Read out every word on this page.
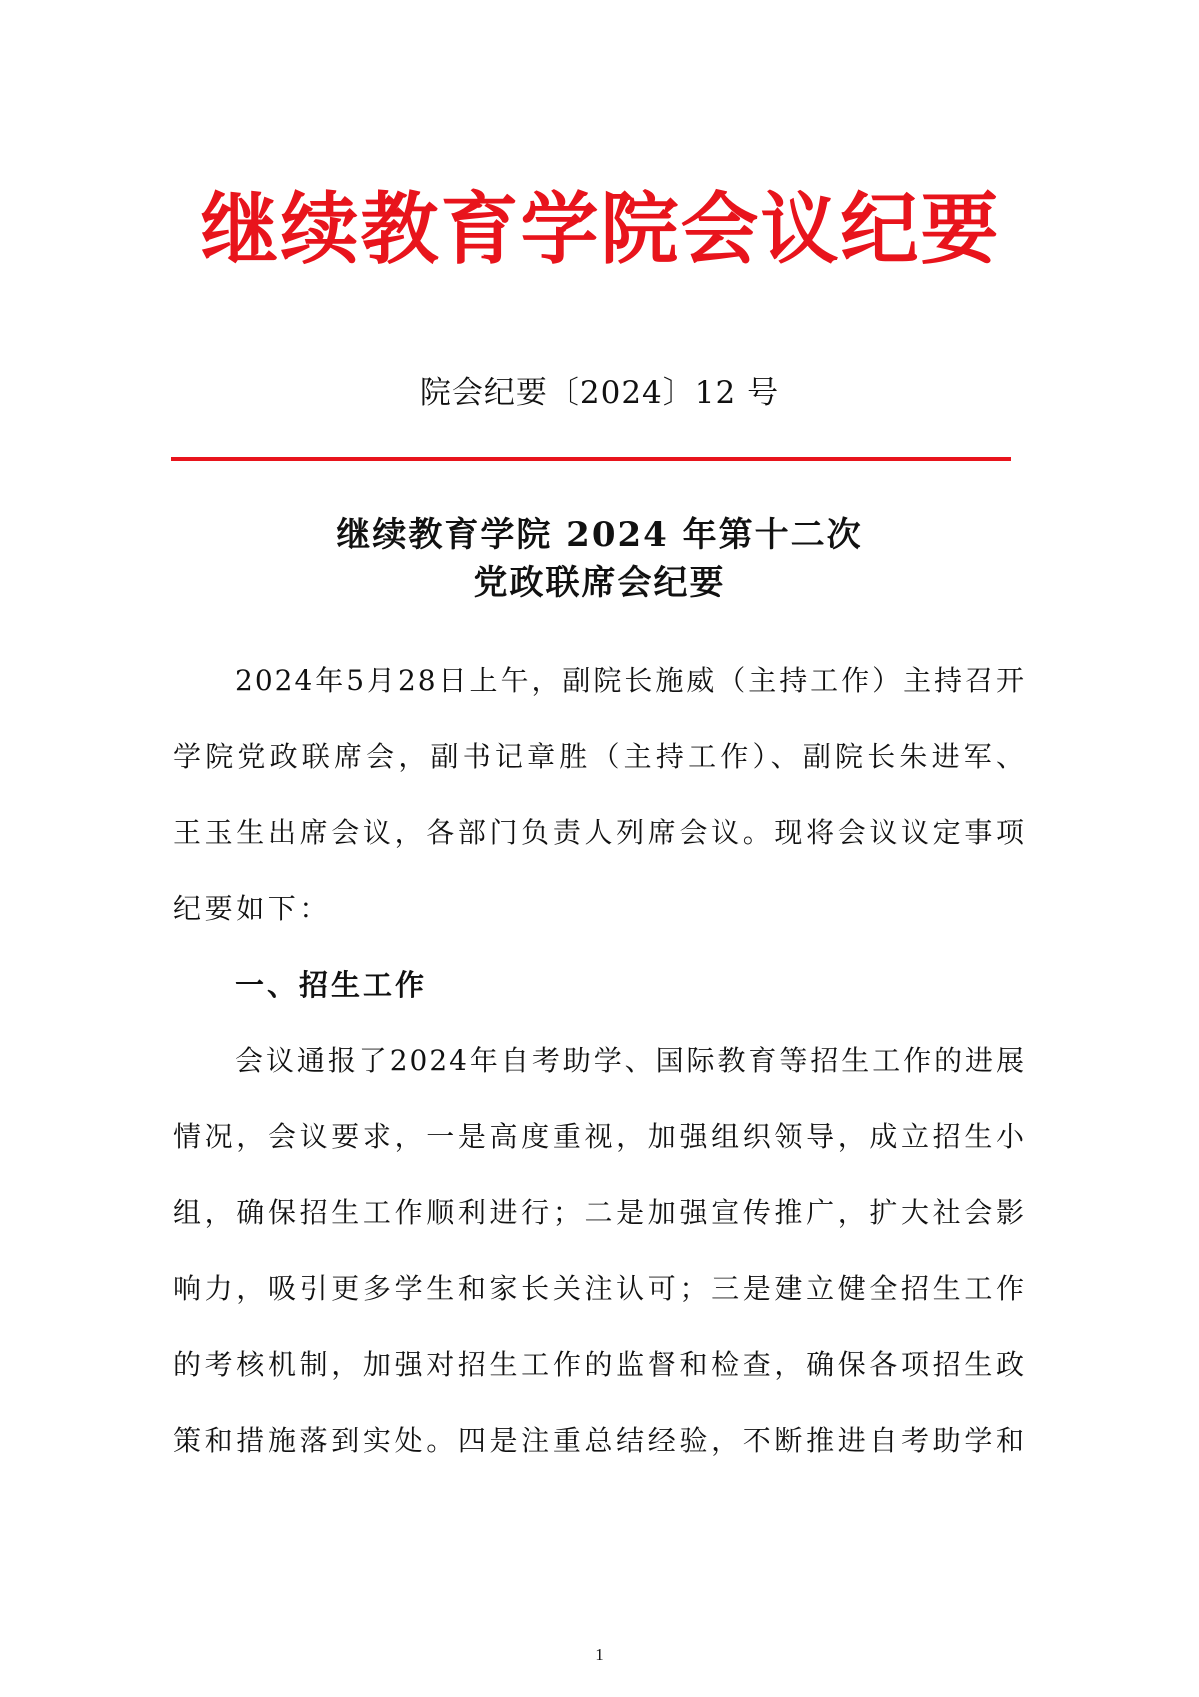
继续教育学院会议纪要
院会纪要〔2024〕12 号
继续教育学院 2024 年第十二次
党政联席会纪要
2024年5月28日上午，副院长施威（主持工作）主持召开
学院党政联席会，副书记章胜（主持工作）、副院长朱进军、
王玉生出席会议，各部门负责人列席会议。现将会议议定事项
纪要如下：
一、招生工作
会议通报了2024年自考助学、国际教育等招生工作的进展
情况，会议要求，一是高度重视，加强组织领导，成立招生小
组，确保招生工作顺利进行；二是加强宣传推广，扩大社会影
响力，吸引更多学生和家长关注认可；三是建立健全招生工作
的考核机制，加强对招生工作的监督和检查，确保各项招生政
策和措施落到实处。四是注重总结经验，不断推进自考助学和
1
